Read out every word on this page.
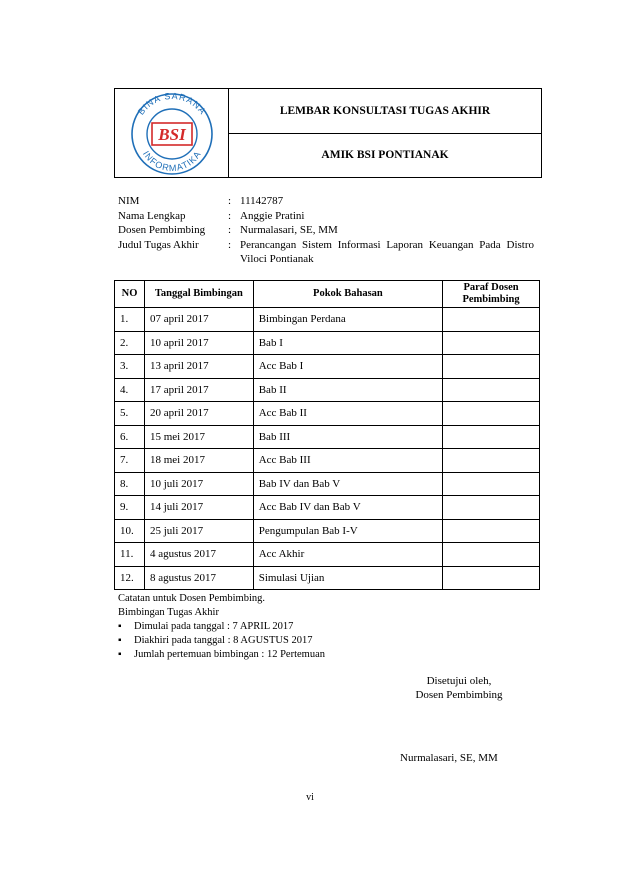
BINA SARANA
INFORMATIKA
BSI
LEMBAR KONSULTASI TUGAS AKHIR
AMIK BSI PONTIANAK
NIM	: 11142787
Nama Lengkap	: Anggie Pratini
Dosen Pembimbing	: Nurmalasari, SE, MM
Judul Tugas Akhir	: Perancangan Sistem Informasi Laporan Keuangan Pada Distro Viloci Pontianak
NO	Tanggal Bimbingan	Pokok Bahasan	Paraf Dosen Pembimbing
1.	07 april 2017	Bimbingan Perdana	
2.	10 april 2017	Bab I	
3.	13 april 2017	Acc Bab I	
4.	17 april 2017	Bab II	
5.	20 april 2017	Acc Bab II	
6.	15 mei 2017	Bab III	
7.	18 mei 2017	Acc Bab III	
8.	10 juli 2017	Bab IV dan Bab V	
9.	14 juli 2017	Acc Bab IV dan Bab V	
10.	25 juli 2017	Pengumpulan Bab I-V	
11.	4 agustus 2017	Acc Akhir	
12.	8 agustus 2017	Simulasi Ujian	
Catatan untuk Dosen Pembimbing.
Bimbingan Tugas Akhir
▪ Dimulai pada tanggal : 7 APRIL 2017
▪ Diakhiri pada tanggal : 8 AGUSTUS 2017
▪ Jumlah pertemuan bimbingan : 12 Pertemuan
Disetujui oleh,
Dosen Pembimbing
Nurmalasari, SE, MM
vi
